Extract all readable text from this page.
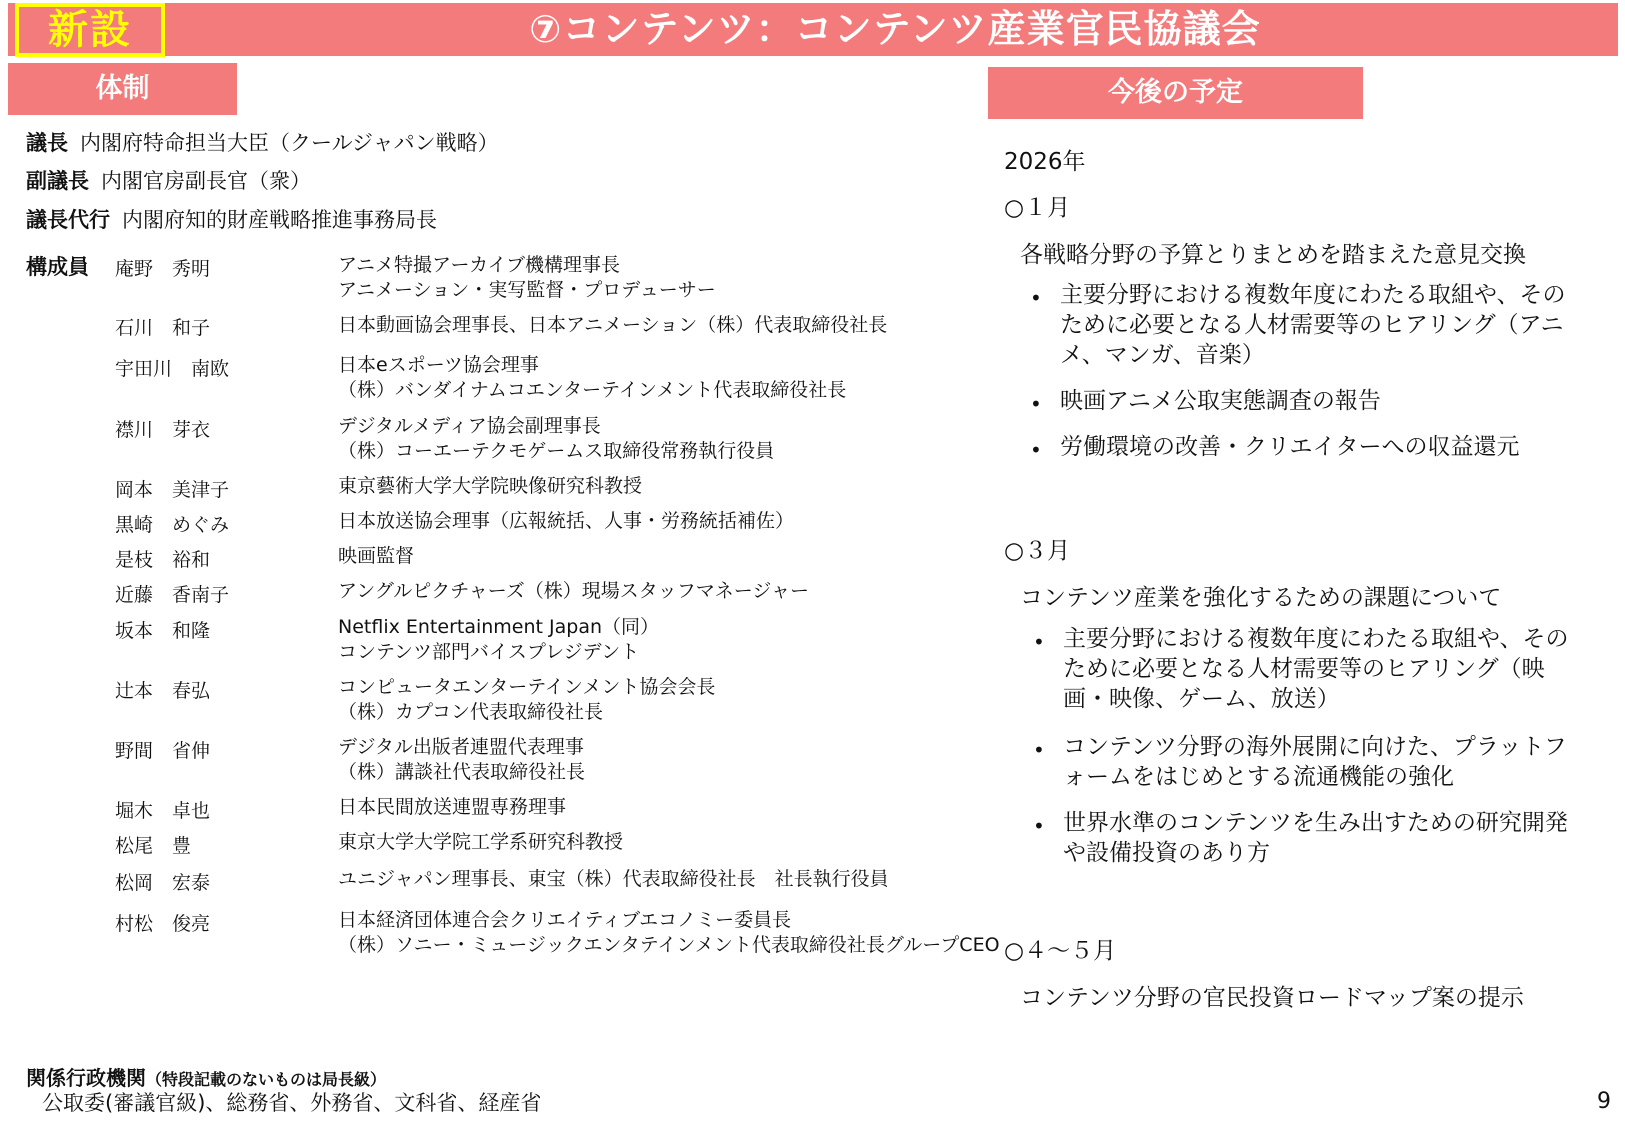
新設	⑦コンテンツ：コンテンツ産業官民協議会
体制	今後の予定
議長 内閣府特命担当大臣（クールジャパン戦略）
副議長 内閣官房副長官（衆）
議長代行 内閣府知的財産戦略推進事務局長
構成員 庵野　秀明	アニメ特撮アーカイブ機構理事長
アニメーション・実写監督・プロデューサー
石川　和子	日本動画協会理事長、日本アニメーション（株）代表取締役社長
宇田川　南欧	日本eスポーツ協会理事
（株）バンダイナムコエンターテインメント代表取締役社長
襟川　芽衣	デジタルメディア協会副理事長
（株）コーエーテクモゲームス取締役常務執行役員
岡本　美津子	東京藝術大学大学院映像研究科教授
黒崎　めぐみ	日本放送協会理事（広報統括、人事・労務統括補佐）
是枝　裕和	映画監督
近藤　香南子	アングルピクチャーズ（株）現場スタッフマネージャー
坂本　和隆	Netflix Entertainment Japan（同）
コンテンツ部門バイスプレジデント
辻本　春弘	コンピュータエンターテインメント協会会長
（株）カプコン代表取締役社長
野間　省伸	デジタル出版者連盟代表理事
（株）講談社代表取締役社長
堀木　卓也	日本民間放送連盟専務理事
松尾　豊	東京大学大学院工学系研究科教授
松岡　宏泰	ユニジャパン理事長、東宝（株）代表取締役社長　社長執行役員
村松　俊亮	日本経済団体連合会クリエイティブエコノミー委員長
（株）ソニー・ミュージックエンタテインメント代表取締役社長グループCEO
関係行政機関（特段記載のないものは局長級）
公取委(審議官級)、総務省、外務省、文科省、経産省
2026年
○１月
各戦略分野の予算とりまとめを踏まえた意見交換
• 主要分野における複数年度にわたる取組や、そのために必要となる人材需要等のヒアリング（アニメ、マンガ、音楽）
• 映画アニメ公取実態調査の報告
• 労働環境の改善・クリエイターへの収益還元
○３月
コンテンツ産業を強化するための課題について
• 主要分野における複数年度にわたる取組や、そのために必要となる人材需要等のヒアリング（映画・映像、ゲーム、放送）
• コンテンツ分野の海外展開に向けた、プラットフォームをはじめとする流通機能の強化
• 世界水準のコンテンツを生み出すための研究開発や設備投資のあり方
○４～５月
コンテンツ分野の官民投資ロードマップ案の提示
9
